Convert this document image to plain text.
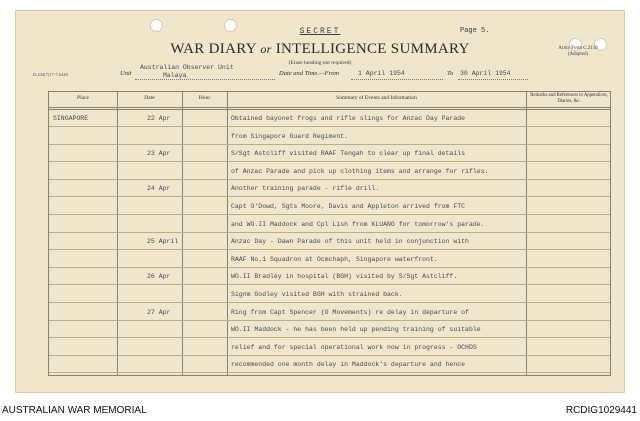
SECRET	Page 5.
WAR DIARY or INTELLIGENCE SUMMARY
(Erase heading not required)
Army Form C.2118
(Adapted)
D.444(7)17-7.6448	Unit
Australian Observer Unit
Malaya	Date and Time.—From	1 April 1954	To 30 April 1954
Place	Date	Hour	Summary of Events and Information	Remarks and References to Appendices, Diaries, &c.
SINGAPORE	22 Apr	Obtained bayonet frogs and rifle slings for Anzac Day Parade
from Singapore Guard Regiment.
23 Apr	S/Sgt Astcliff visited RAAF Tengah to clear up final details
of Anzac Parade and pick up clothing items and arrange for rifles.
24 Apr	Another training parade - rifle drill.
Capt O'Dowd, Sgts Moore, Davis and Appleton arrived from FTC
and WO.II Maddock and Cpl Lish from KLUANG for tomorrow's parade.
25 April	Anzac Day - Dawn Parade of this unit held in conjunction with
RAAF No.1 Squadron at Ocmchaph, Singapore waterfront.
26 Apr	WO.II Bradley in hospital (BGH) visited by S/Sgt Astcliff.
Signm Godley visited BGH with strained back.
27 Apr	Ring from Capt Spencer (O Movements) re delay in departure of
WO.II Maddock - he has been held up pending training of suitable
relief and for special operational work now in progress - OCHDS
recommended one month delay in Maddock's departure and hence
AUSTRALIAN WAR MEMORIAL	RCDIG1029441
